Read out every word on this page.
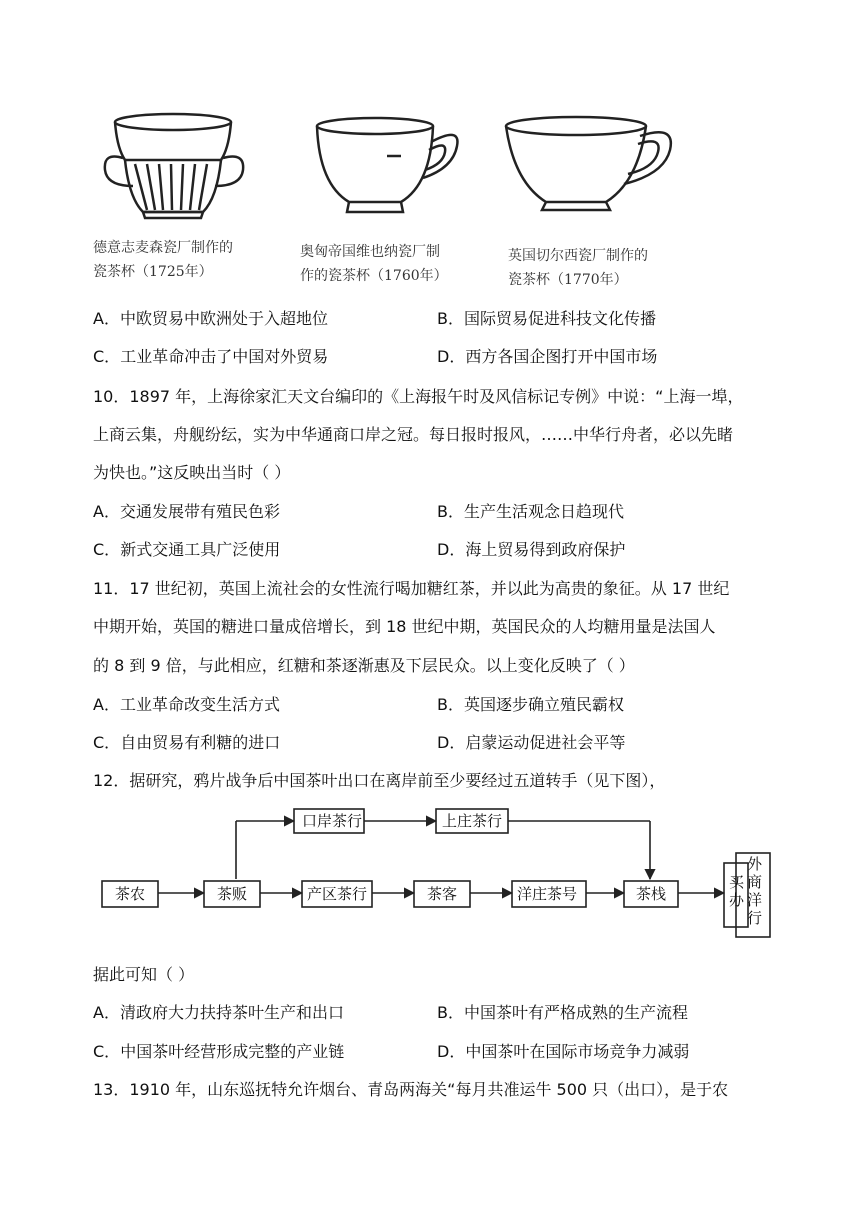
德意志麦森瓷厂制作的
瓷茶杯（1725年）
奥匈帝国维也纳瓷厂制
作的瓷茶杯（1760年）
英国切尔西瓷厂制作的
瓷茶杯（1770年）
A．中欧贸易中欧洲处于入超地位	B．国际贸易促进科技文化传播
C．工业革命冲击了中国对外贸易	D．西方各国企图打开中国市场
10．1897 年，上海徐家汇天文台编印的《上海报午时及风信标记专例》中说：“上海一埠，
上商云集，舟舰纷纭，实为中华通商口岸之冠。每日报时报风，……中华行舟者，必以先睹
为快也。”这反映出当时（ ）
A．交通发展带有殖民色彩	B．生产生活观念日趋现代
C．新式交通工具广泛使用	D．海上贸易得到政府保护
11．17 世纪初，英国上流社会的女性流行喝加糖红茶，并以此为高贵的象征。从 17 世纪
中期开始，英国的糖进口量成倍增长，到 18 世纪中期，英国民众的人均糖用量是法国人
的 8 到 9 倍，与此相应，红糖和茶逐渐惠及下层民众。以上变化反映了（ ）
A．工业革命改变生活方式	B．英国逐步确立殖民霸权
C．自由贸易有利糖的进口	D．启蒙运动促进社会平等
12．据研究，鸦片战争后中国茶叶出口在离岸前至少要经过五道转手（见下图），
口岸茶行	上庄茶行
茶农	茶贩	产区茶行	茶客	洋庄茶号	茶栈
买办
外商洋行
据此可知（ ）
A．清政府大力扶持茶叶生产和出口	B．中国茶叶有严格成熟的生产流程
C．中国茶叶经营形成完整的产业链	D．中国茶叶在国际市场竞争力减弱
13．1910 年，山东巡抚特允许烟台、青岛两海关“每月共准运牛 500 只（出口），是于农
